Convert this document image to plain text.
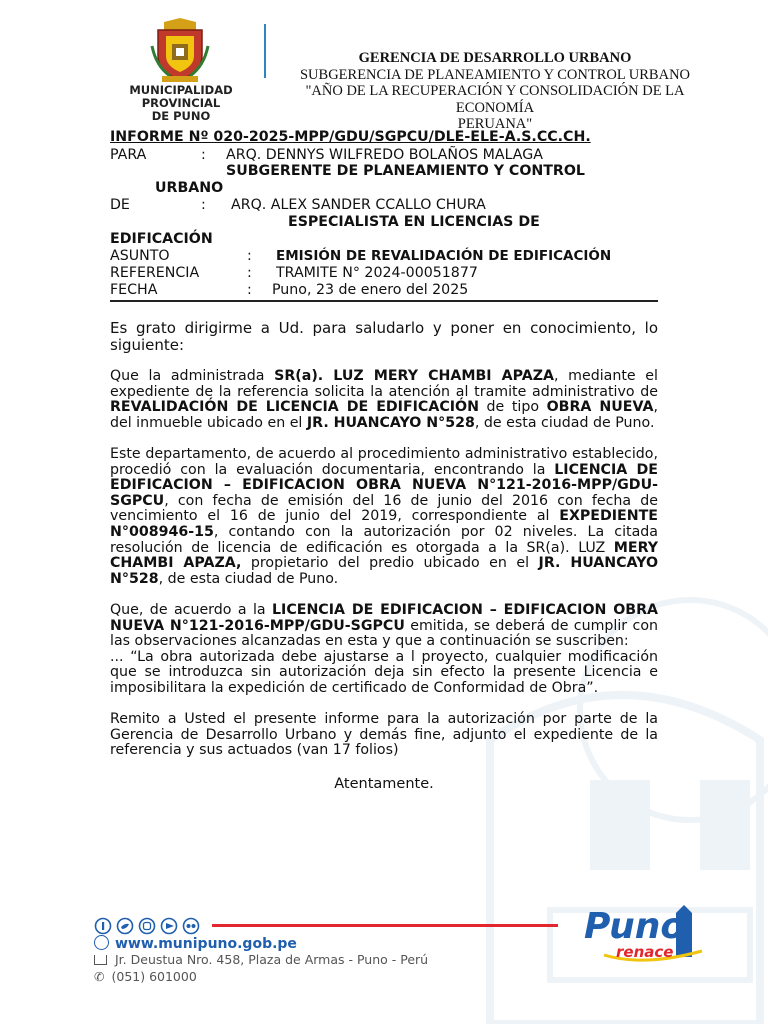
MUNICIPALIDAD PROVINCIAL
DE PUNO
GERENCIA DE DESARROLLO URBANO
SUBGERENCIA DE PLANEAMIENTO Y CONTROL URBANO
"AÑO DE LA RECUPERACIÓN Y CONSOLIDACIÓN DE LA ECONOMÍA
PERUANA"
INFORME Nº 020-2025-MPP/GDU/SGPCU/DLE-ELE-A.S.CC.CH.
PARA	: ARQ. DENNYS WILFREDO BOLAÑOS MALAGA
SUBGERENTE DE PLANEAMIENTO Y CONTROL
URBANO
DE	: ARQ. ALEX SANDER CCALLO CHURA
ESPECIALISTA EN LICENCIAS DE
EDIFICACIÓN
ASUNTO	: EMISIÓN DE REVALIDACIÓN DE EDIFICACIÓN
REFERENCIA	: TRAMITE N° 2024-00051877
FECHA	: Puno, 23 de enero del 2025
Es grato dirigirme a Ud. para saludarlo y poner en conocimiento, lo siguiente:
Que la administrada SR(a). LUZ MERY CHAMBI APAZA, mediante el expediente de la referencia solicita la atención al tramite administrativo de REVALIDACIÓN DE LICENCIA DE EDIFICACIÓN de tipo OBRA NUEVA, del inmueble ubicado en el JR. HUANCAYO N°528, de esta ciudad de Puno.
Este departamento, de acuerdo al procedimiento administrativo establecido, procedió con la evaluación documentaria, encontrando la LICENCIA DE EDIFICACION – EDIFICACION OBRA NUEVA N°121-2016-MPP/GDU-SGPCU, con fecha de emisión del 16 de junio del 2016 con fecha de vencimiento el 16 de junio del 2019, correspondiente al EXPEDIENTE N°008946-15, contando con la autorización por 02 niveles. La citada resolución de licencia de edificación es otorgada a la SR(a). LUZ MERY CHAMBI APAZA, propietario del predio ubicado en el JR. HUANCAYO N°528, de esta ciudad de Puno.
Que, de acuerdo a la LICENCIA DE EDIFICACION – EDIFICACION OBRA NUEVA N°121-2016-MPP/GDU-SGPCU emitida, se deberá de cumplir con las observaciones alcanzadas en esta y que a continuación se suscriben:
... “La obra autorizada debe ajustarse a l proyecto, cualquier modificación que se introduzca sin autorización deja sin efecto la presente Licencia e imposibilitara la expedición de certificado de Conformidad de Obra”.
Remito a Usted el presente informe para la autorización por parte de la Gerencia de Desarrollo Urbano y demás fine, adjunto el expediente de la referencia y sus actuados (van 17 folios)
Atentamente.
www.munipuno.gob.pe
Jr. Deustua Nro. 458, Plaza de Armas - Puno - Perú
✆ (051) 601000
Puno
renace
